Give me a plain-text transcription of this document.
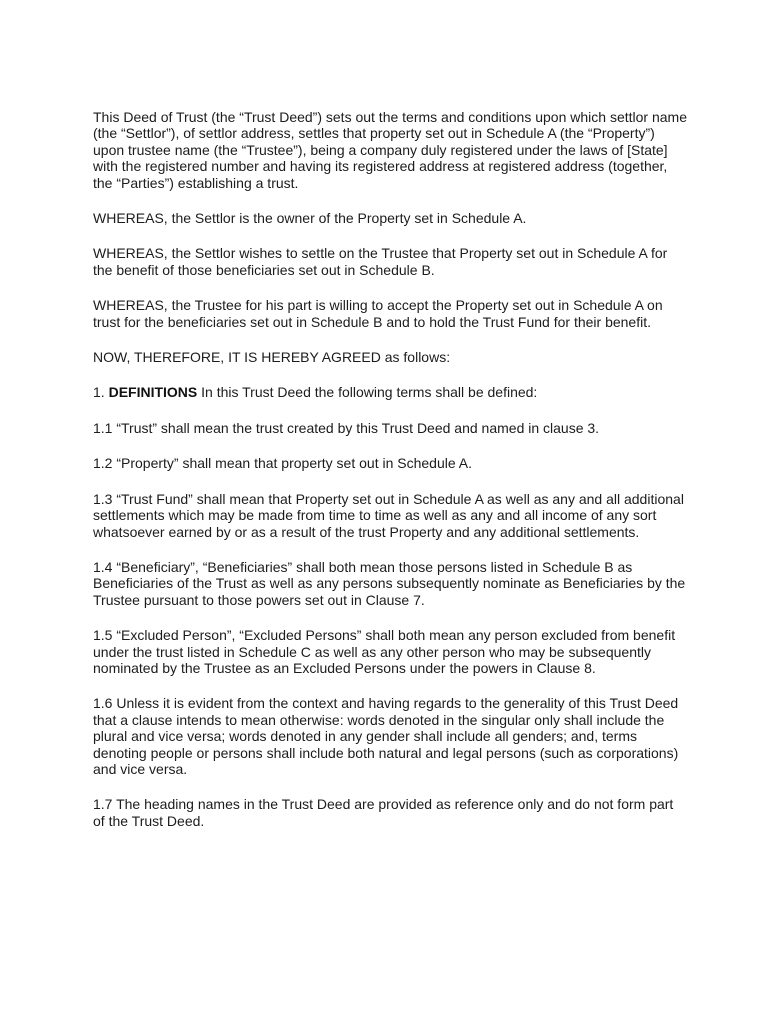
This Deed of Trust (the “Trust Deed”) sets out the terms and conditions upon which settlor name (the “Settlor”), of settlor address, settles that property set out in Schedule A (the “Property”) upon trustee name (the “Trustee”), being a company duly registered under the laws of [State] with the registered number and having its registered address at registered address (together, the “Parties”) establishing a trust.

WHEREAS, the Settlor is the owner of the Property set in Schedule A.

WHEREAS, the Settlor wishes to settle on the Trustee that Property set out in Schedule A for the benefit of those beneficiaries set out in Schedule B.

WHEREAS, the Trustee for his part is willing to accept the Property set out in Schedule A on trust for the beneficiaries set out in Schedule B and to hold the Trust Fund for their benefit.

NOW, THEREFORE, IT IS HEREBY AGREED as follows:

1. DEFINITIONS In this Trust Deed the following terms shall be defined:

1.1 “Trust” shall mean the trust created by this Trust Deed and named in clause 3.

1.2 “Property” shall mean that property set out in Schedule A.

1.3 “Trust Fund” shall mean that Property set out in Schedule A as well as any and all additional settlements which may be made from time to time as well as any and all income of any sort whatsoever earned by or as a result of the trust Property and any additional settlements.

1.4 “Beneficiary”, “Beneficiaries” shall both mean those persons listed in Schedule B as Beneficiaries of the Trust as well as any persons subsequently nominate as Beneficiaries by the Trustee pursuant to those powers set out in Clause 7.

1.5 “Excluded Person”, “Excluded Persons” shall both mean any person excluded from benefit under the trust listed in Schedule C as well as any other person who may be subsequently nominated by the Trustee as an Excluded Persons under the powers in Clause 8.

1.6 Unless it is evident from the context and having regards to the generality of this Trust Deed that a clause intends to mean otherwise: words denoted in the singular only shall include the plural and vice versa; words denoted in any gender shall include all genders; and, terms denoting people or persons shall include both natural and legal persons (such as corporations) and vice versa.

1.7 The heading names in the Trust Deed are provided as reference only and do not form part of the Trust Deed.
